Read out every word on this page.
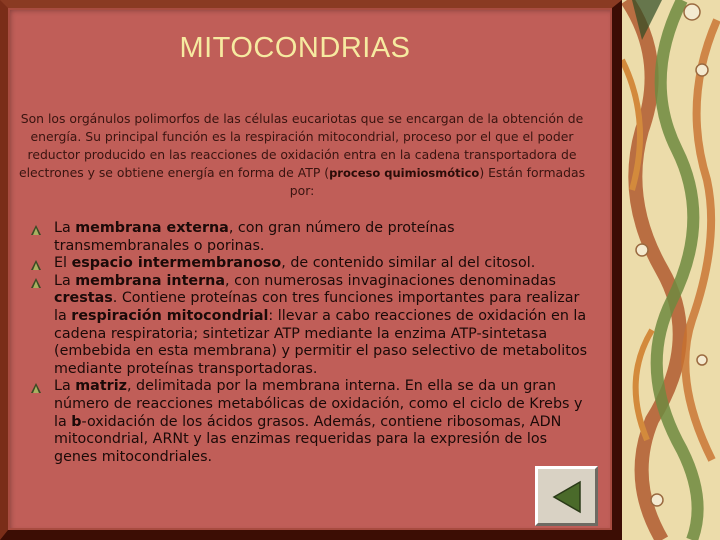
MITOCONDRIAS
Son los orgánulos polimorfos de las células eucariotas que se encargan de la obtención de energía. Su principal función es la respiración mitocondrial, proceso por el que el poder reductor producido en las reacciones de oxidación entra en la cadena transportadora de electrones y se obtiene energía en forma de ATP (proceso quimiosmótico) Están formadas por:
La membrana externa, con gran número de proteínas transmembranales o porinas.
El espacio intermembranoso, de contenido similar al del citosol.
La membrana interna, con numerosas invaginaciones denominadas crestas. Contiene proteínas con tres funciones importantes para realizar la respiración mitocondrial: llevar a cabo reacciones de oxidación en la cadena respiratoria; sintetizar ATP mediante la enzima ATP-sintetasa (embebida en esta membrana) y permitir el paso selectivo de metabolitos mediante proteínas transportadoras.
La matriz, delimitada por la membrana interna. En ella se da un gran número de reacciones metabólicas de oxidación, como el ciclo de Krebs y la b-oxidación de los ácidos grasos. Además, contiene ribosomas, ADN mitocondrial, ARNt y las enzimas requeridas para la expresión de los genes mitocondriales.
